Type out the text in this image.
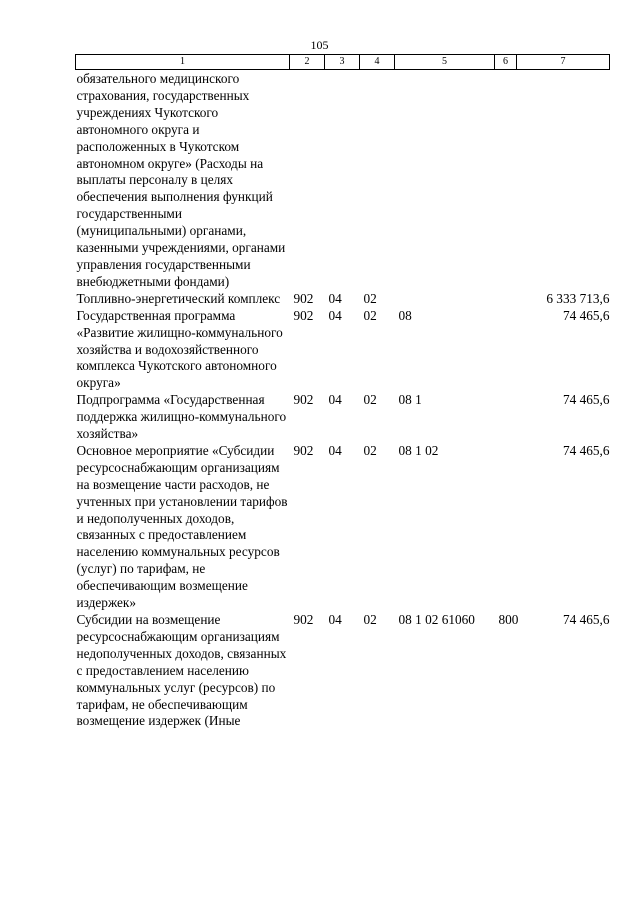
105
1	2	3	4	5	6	7
обязательного медицинского страхования, государственных учреждениях Чукотского автономного округа и расположенных в Чукотском автономном округе» (Расходы на выплаты персоналу в целях обеспечения выполнения функций государственными (муниципальными) органами, казенными учреждениями, органами управления государственными внебюджетными фондами)						
Топливно-энергетический комплекс	902	04	02			6 333 713,6
Государственная программа «Развитие жилищно-коммунального хозяйства и водохозяйственного комплекса Чукотского автономного округа»	902	04	02	08		74 465,6
Подпрограмма «Государственная поддержка жилищно-коммунального хозяйства»	902	04	02	08 1		74 465,6
Основное мероприятие «Субсидии ресурсоснабжающим организациям на возмещение части расходов, не учтенных при установлении тарифов и недополученных доходов, связанных с предоставлением населению коммунальных ресурсов (услуг) по тарифам, не обеспечивающим возмещение издержек»	902	04	02	08 1 02		74 465,6
Субсидии на возмещение ресурсоснабжающим организациям недополученных доходов, связанных с предоставлением населению коммунальных услуг (ресурсов) по тарифам, не обеспечивающим возмещение издержек (Иные	902	04	02	08 1 02 61060	800	74 465,6
